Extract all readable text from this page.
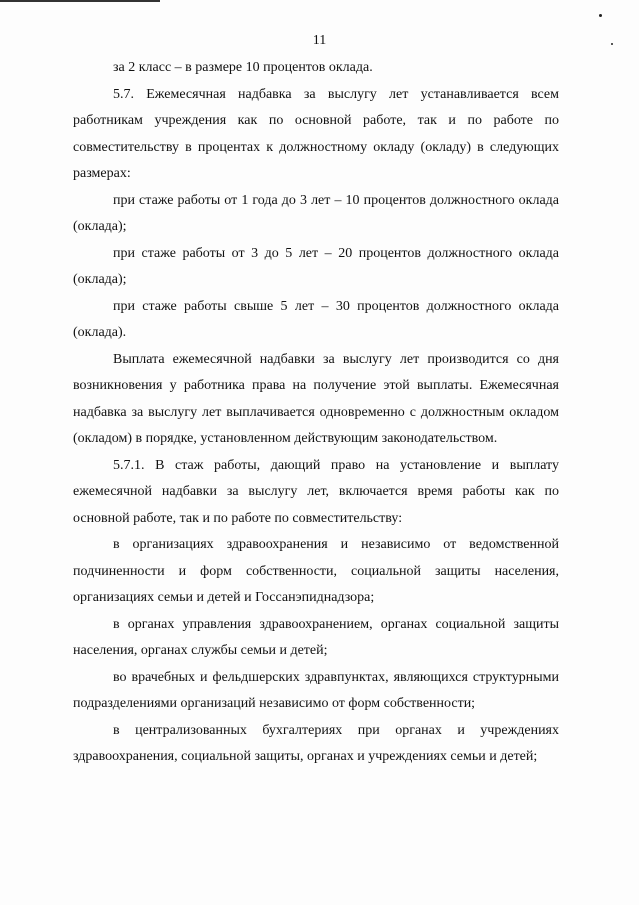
11

за 2 класс – в размере 10 процентов оклада.

5.7. Ежемесячная надбавка за выслугу лет устанавливается всем работникам учреждения как по основной работе, так и по работе по совместительству в процентах к должностному окладу (окладу) в следующих размерах:

при стаже работы от 1 года до 3 лет – 10 процентов должностного оклада (оклада);

при стаже работы от 3 до 5 лет – 20 процентов должностного оклада (оклада);

при стаже работы свыше 5 лет – 30 процентов должностного оклада (оклада).

Выплата ежемесячной надбавки за выслугу лет производится со дня возникновения у работника права на получение этой выплаты. Ежемесячная надбавка за выслугу лет выплачивается одновременно с должностным окладом (окладом) в порядке, установленном действующим законодательством.

5.7.1. В стаж работы, дающий право на установление и выплату ежемесячной надбавки за выслугу лет, включается время работы как по основной работе, так и по работе по совместительству:

в организациях здравоохранения и независимо от ведомственной подчиненности и форм собственности, социальной защиты населения, организациях семьи и детей и Госсанэпиднадзора;

в органах управления здравоохранением, органах социальной защиты населения, органах службы семьи и детей;

во врачебных и фельдшерских здравпунктах, являющихся структурными подразделениями организаций независимо от форм собственности;

в централизованных бухгалтериях при органах и учреждениях здравоохранения, социальной защиты, органах и учреждениях семьи и детей;
